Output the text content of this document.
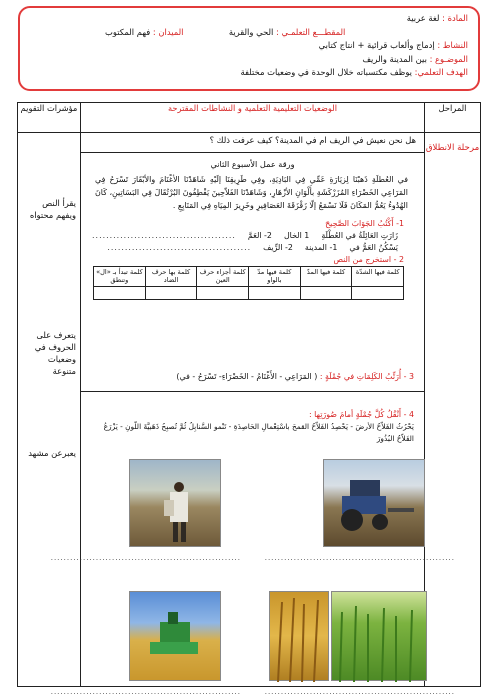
المادة : لغة عربية
المقطـــع التعلمـي : الحي والقرية  الميدان : فهم المكتوب
النشاط : إدماج وألعاب قرائية + انتاج كتابي
الموضـوع : بين المدينة والريف
الهدف التعلمي: يوظف مكتسباته خلال الوحدة في وضعيات مختلفة
المراحل	الوضعيات التعليمية التعلمية و النشاطات المقترحة	مؤشرات التقويم
مرحلة الانطلاق	
هل نحن نعيش في الريف ام في المدينة؟ كيف عرفت ذلك ؟
ورقة عمل الأسبوع الثاني
في العُطلَةِ ذَهبْنَا لِزيَارَةِ عَمِّي فِي البَادِيَةِ، وفِي طَرِيقِنَا إلَيْهِ شَاهَدْنَا الأغْنَامَ والأبْقَارَ تَسْرَحُ فِي المَرَاعِي الخَضْرَاءِ المُزَرْكَشَةِ بأَلْوَانِ الأزْهَارِ، وَشَاهَدْنَا الفَلاّحِينَ يَقْطِفُونَ البُرْتُقَالَ فِي البَسَاتِينِ، كَانَ الهُدُوءُ يَعُمُّ المَكَانَ فَلَا نَسْمَعُ إلّا زَقْزَقَةَ العَصَافِيرِ وخَرِيرَ المِيَاهِ فِي المَنَابِعِ .
1- أَكْتُبُ الجَوَابَ الصَّحِيحَ
زَارَتِ العَائِلَةُ في العُطْلَةِ
1 الخال
2- العَمَّ
.........................................
يَسْكُنُ العَمُّ في
1- المدينة
2- الرِّيف
.........................................
2 - استخرج من النص
كلمة فيها الشدّة	كلمة فيها المدّ	كلمة فيها مدّ بالواو	كلمة أجزاء حرف العين	كلمة بها حرف الضاد	كلمة تبدأ بـ «ال» وتنطق

3 - أُرَتِّبُ الكَلِمَاتِ في جُمْلَةٍ : ( المَرَاعِي - الأَغْنَامُ - الخَضْرَاءِ- تَسْرَحُ - في)
4 - أَنْقُلُ كُلَّ جُمْلَةٍ أمامَ صُورَتِها :
يَحْرُثُ الفَلاّحُ الأرضَ - يَحْصِدُ الفَلاّحُ القمحَ باسْتِعْمالِ الحَاصِدَةِ - تَنْمو السَّنابِلُ ثُمَّ تُصبِحُ ذَهَبيَّةَ اللّونِ - يَزْرَعُ الفَلاّحُ البُذُورَ
...........................................................	...........................................................
...........................................................	...........................................................

يقرأ النص ويفهم محتواه
يتعرف على الحروف في وضعيات متنوعة
يعبرعن مشهد
